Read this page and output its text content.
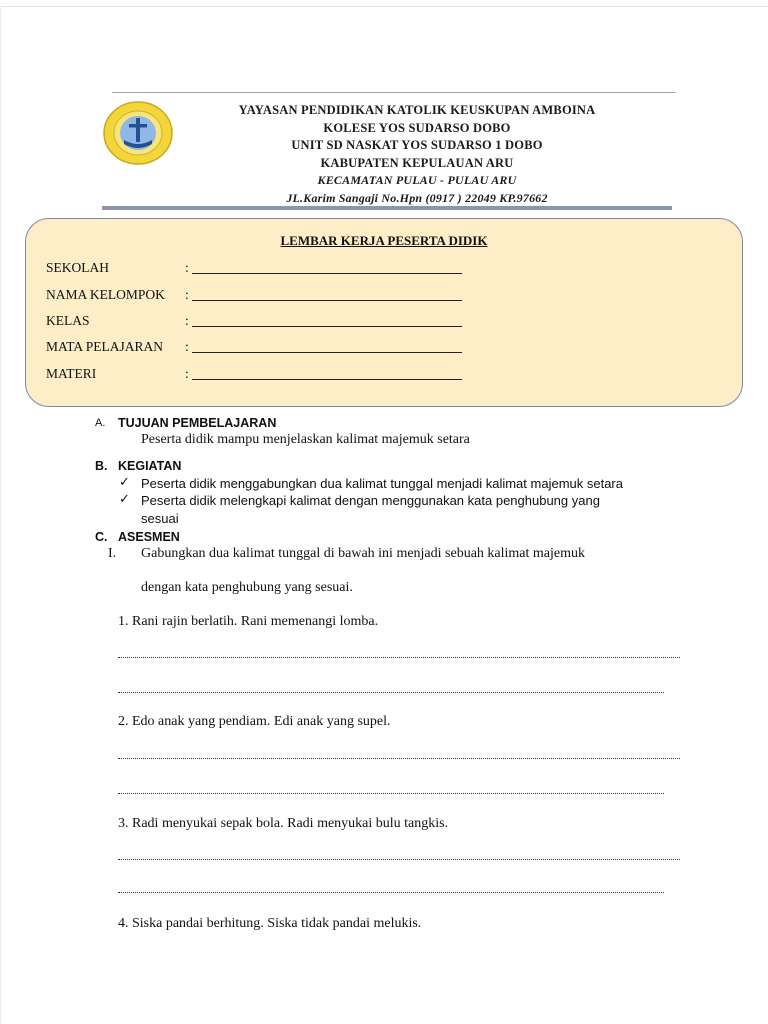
YAYASAN PENDIDIKAN KATOLIK KEUSKUPAN AMBOINA
KOLESE YOS SUDARSO DOBO
UNIT SD NASKAT YOS SUDARSO 1 DOBO
KABUPATEN KEPULAUAN ARU
KECAMATAN PULAU - PULAU ARU
JL.Karim Sangaji No.Hpn (0917 ) 22049 KP.97662
LEMBAR KERJA PESERTA DIDIK
SEKOLAH	:
NAMA KELOMPOK :
KELAS	:
MATA PELAJARAN :
MATERI	:
A. TUJUAN PEMBELAJARAN
Peserta didik mampu menjelaskan kalimat majemuk setara
B. KEGIATAN
✓ Peserta didik menggabungkan dua kalimat tunggal menjadi kalimat majemuk setara
✓ Peserta didik melengkapi kalimat dengan menggunakan kata penghubung yang
sesuai
C. ASESMEN
I. Gabungkan dua kalimat tunggal di bawah ini menjadi sebuah kalimat majemuk
dengan kata penghubung yang sesuai.
1. Rani rajin berlatih. Rani memenangi lomba.
2. Edo anak yang pendiam. Edi anak yang supel.
3. Radi menyukai sepak bola. Radi menyukai bulu tangkis.
4. Siska pandai berhitung. Siska tidak pandai melukis.
